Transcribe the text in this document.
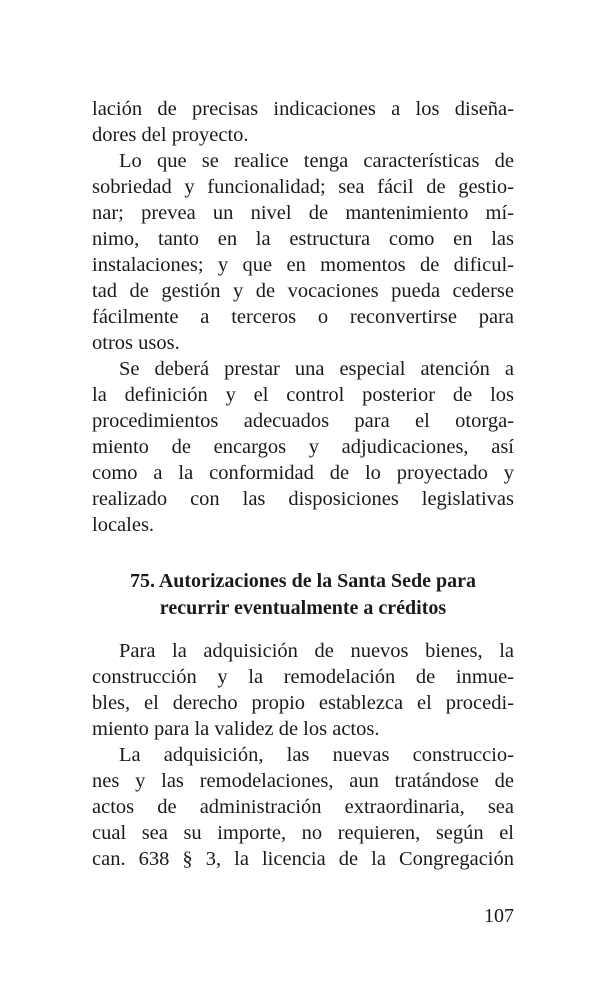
lación de precisas indicaciones a los diseña-
dores del proyecto.
Lo que se realice tenga características de
sobriedad y funcionalidad; sea fácil de gestio-
nar; prevea un nivel de mantenimiento mí-
nimo, tanto en la estructura como en las
instalaciones; y que en momentos de dificul-
tad de gestión y de vocaciones pueda cederse
fácilmente a terceros o reconvertirse para
otros usos.
Se deberá prestar una especial atención a
la definición y el control posterior de los
procedimientos adecuados para el otorga-
miento de encargos y adjudicaciones, así
como a la conformidad de lo proyectado y
realizado con las disposiciones legislativas
locales.
75. Autorizaciones de la Santa Sede para
recurrir eventualmente a créditos
Para la adquisición de nuevos bienes, la
construcción y la remodelación de inmue-
bles, el derecho propio establezca el procedi-
miento para la validez de los actos.
La adquisición, las nuevas construccio-
nes y las remodelaciones, aun tratándose de
actos de administración extraordinaria, sea
cual sea su importe, no requieren, según el
can. 638 § 3, la licencia de la Congregación
107
